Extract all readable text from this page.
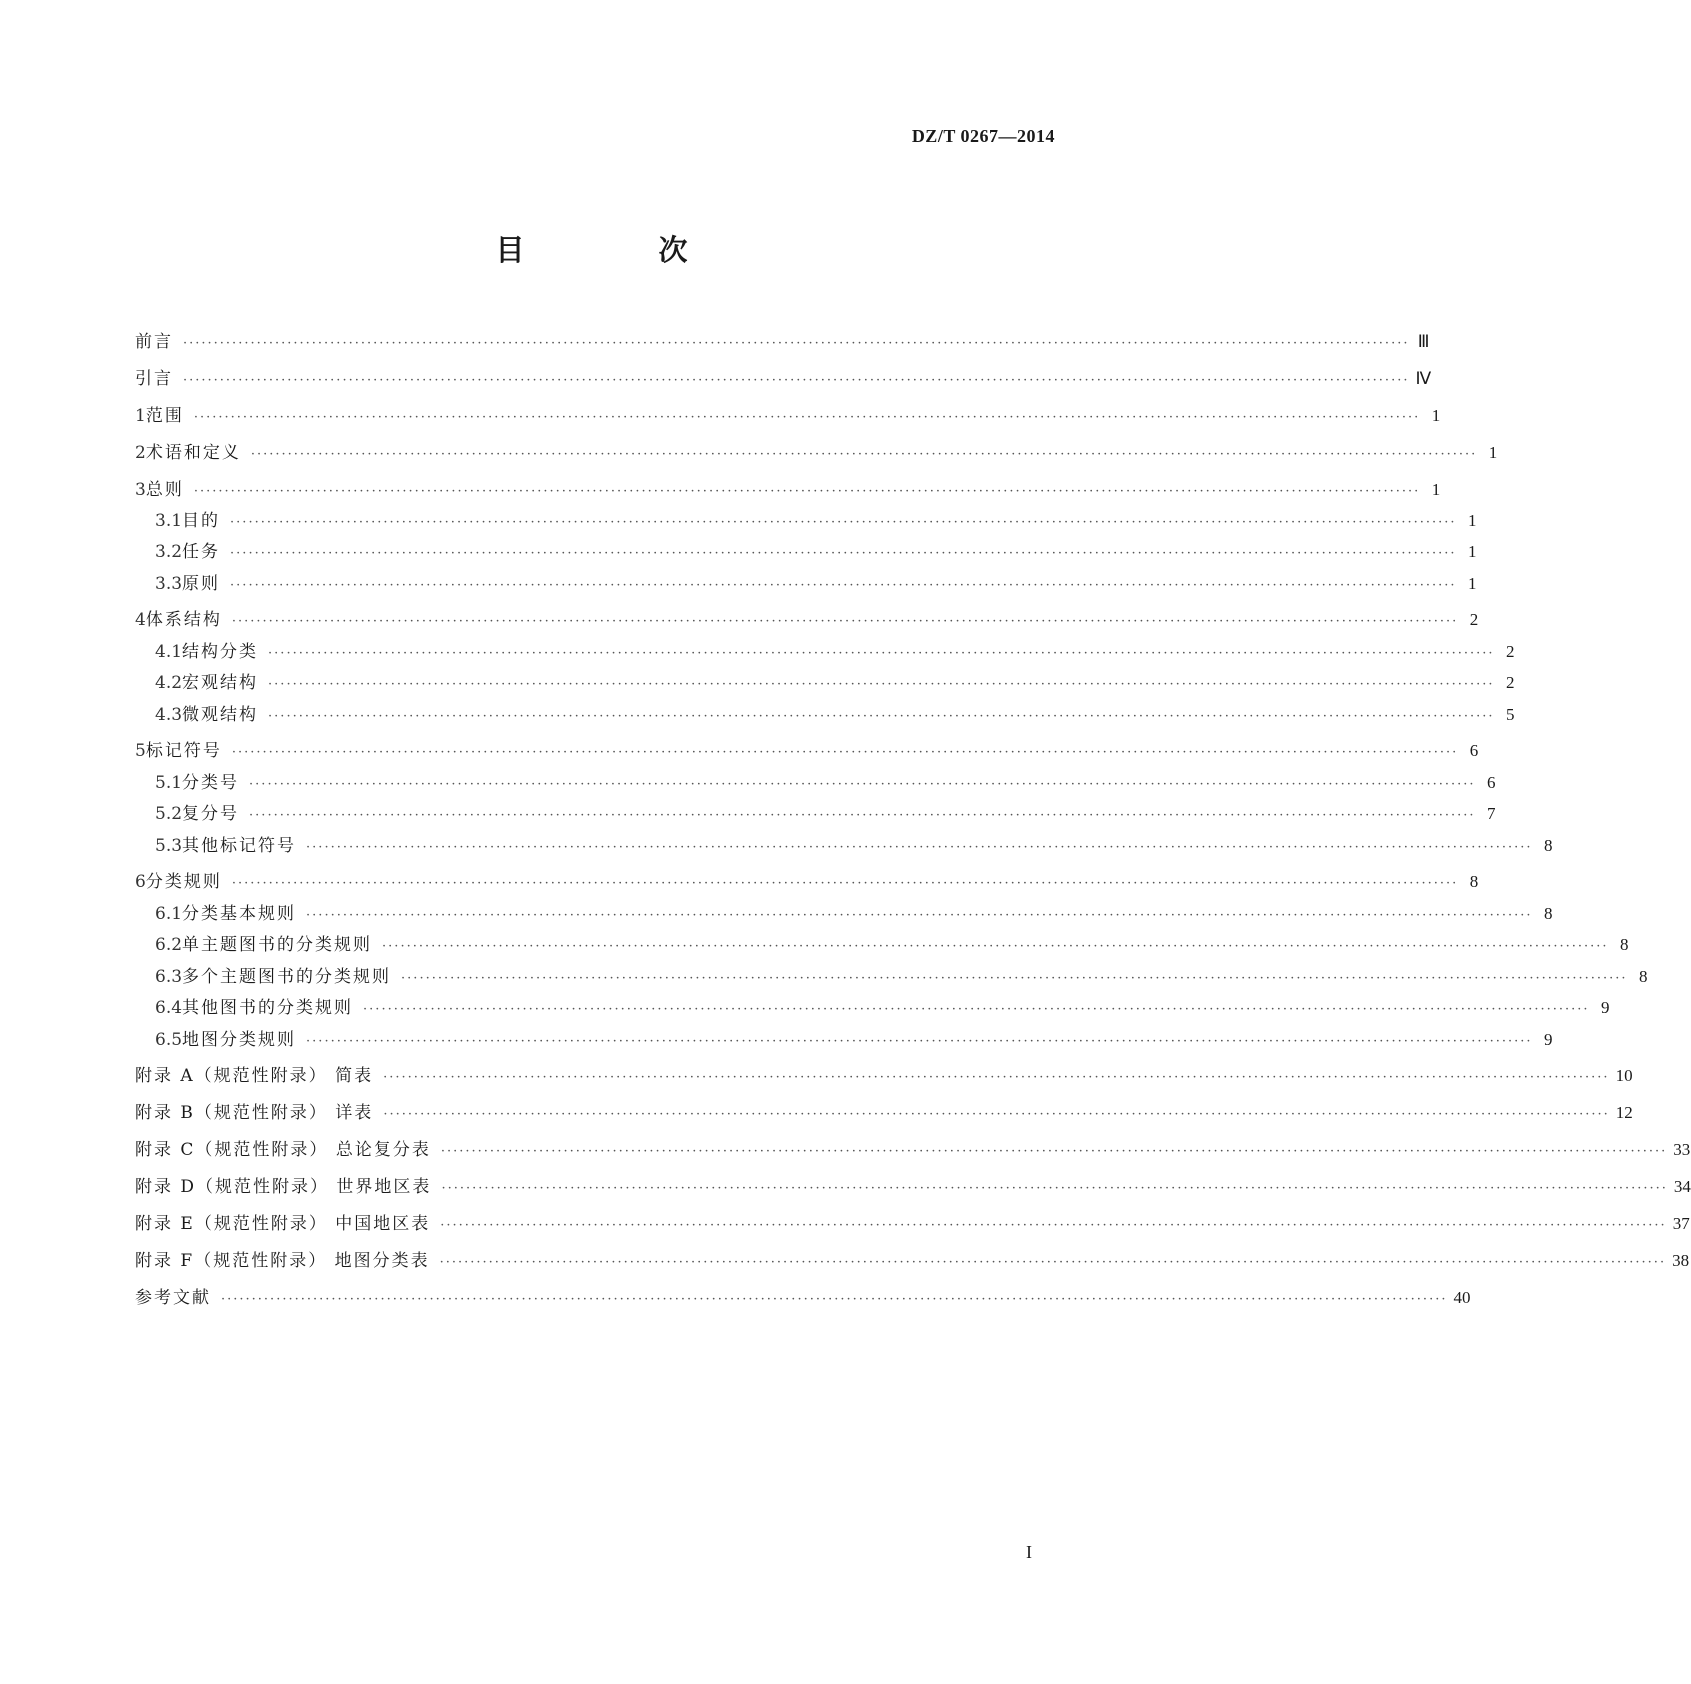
DZ/T 0267—2014
目 次
前言 ········································································································································································································ Ⅲ
引言 ········································································································································································································ Ⅳ
1 范围 ········································································································································································································ 1
2 术语和定义 ········································································································································································································ 1
3 总则 ········································································································································································································ 1
3.1 目的 ········································································································································································································ 1
3.2 任务 ········································································································································································································ 1
3.3 原则 ········································································································································································································ 1
4 体系结构 ········································································································································································································ 2
4.1 结构分类 ········································································································································································································ 2
4.2 宏观结构 ········································································································································································································ 2
4.3 微观结构 ········································································································································································································ 5
5 标记符号 ········································································································································································································ 6
5.1 分类号 ········································································································································································································ 6
5.2 复分号 ········································································································································································································ 7
5.3 其他标记符号 ········································································································································································································ 8
6 分类规则 ········································································································································································································ 8
6.1 分类基本规则 ········································································································································································································ 8
6.2 单主题图书的分类规则 ········································································································································································································ 8
6.3 多个主题图书的分类规则 ········································································································································································································ 8
6.4 其他图书的分类规则 ········································································································································································································ 9
6.5 地图分类规则 ········································································································································································································ 9
附录 A（规范性附录） 简表 ········································································································································································································ 10
附录 B（规范性附录） 详表 ········································································································································································································ 12
附录 C（规范性附录） 总论复分表 ········································································································································································································ 33
附录 D（规范性附录） 世界地区表 ········································································································································································································ 34
附录 E（规范性附录） 中国地区表 ········································································································································································································ 37
附录 F（规范性附录） 地图分类表 ········································································································································································································ 38
参考文献 ········································································································································································································ 40
I
